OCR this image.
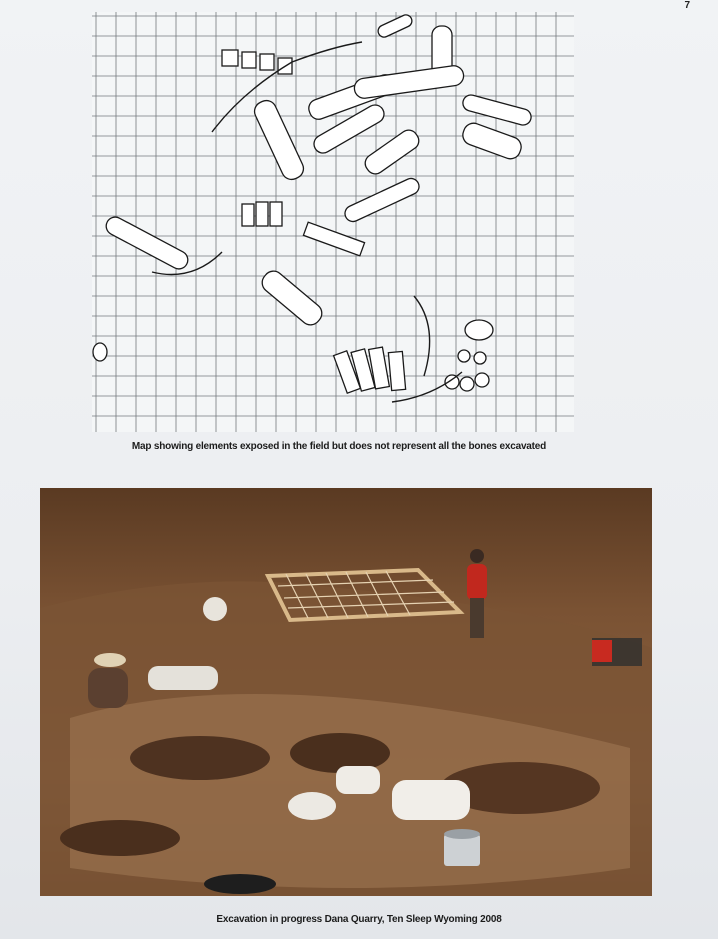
7
Map showing elements exposed in the field but does not represent all the bones excavated
Excavation in progress Dana Quarry, Ten Sleep Wyoming 2008
